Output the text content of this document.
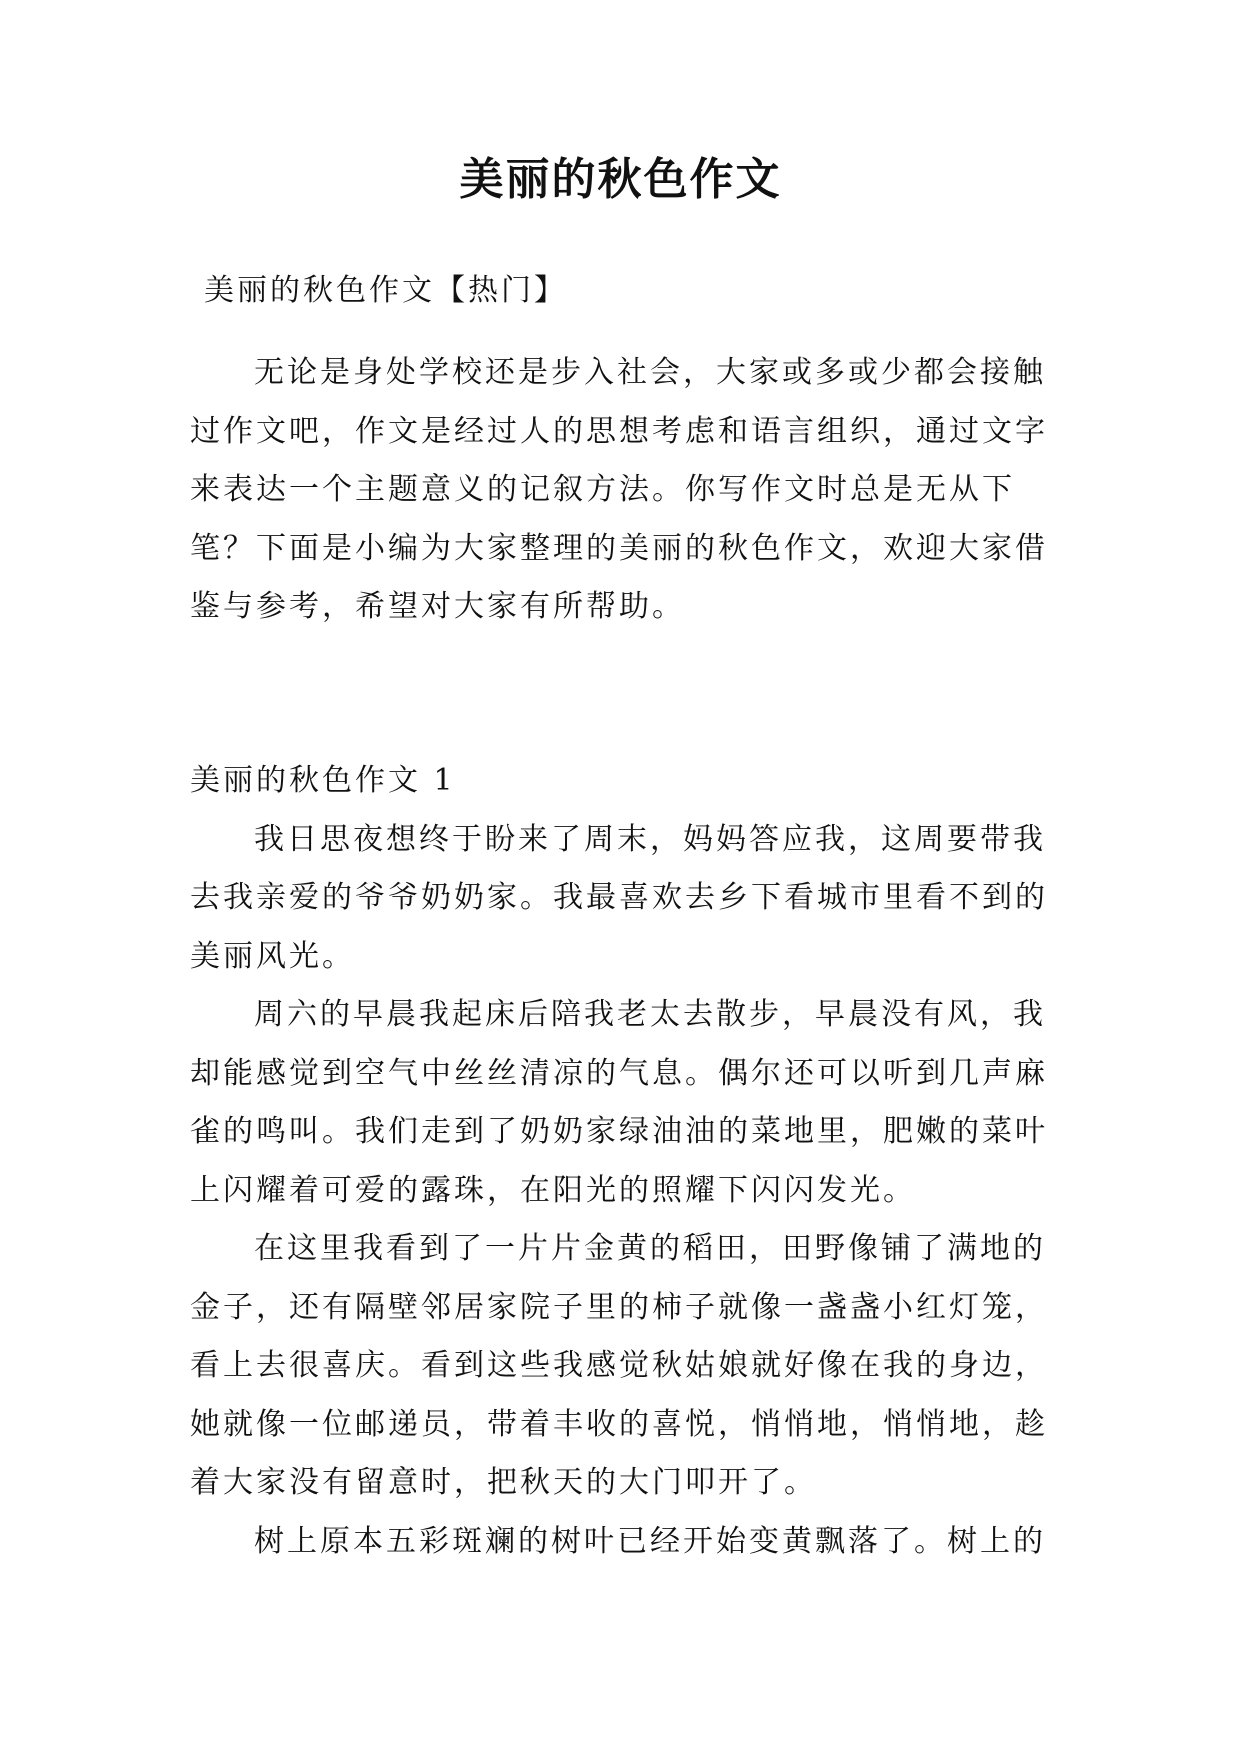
美丽的秋色作文

美丽的秋色作文【热门】

无论是身处学校还是步入社会，大家或多或少都会接触过作文吧，作文是经过人的思想考虑和语言组织，通过文字来表达一个主题意义的记叙方法。你写作文时总是无从下笔？下面是小编为大家整理的美丽的秋色作文，欢迎大家借鉴与参考，希望对大家有所帮助。

美丽的秋色作文 1

我日思夜想终于盼来了周末，妈妈答应我，这周要带我去我亲爱的爷爷奶奶家。我最喜欢去乡下看城市里看不到的美丽风光。

周六的早晨我起床后陪我老太去散步，早晨没有风，我却能感觉到空气中丝丝清凉的气息。偶尔还可以听到几声麻雀的鸣叫。我们走到了奶奶家绿油油的菜地里，肥嫩的菜叶上闪耀着可爱的露珠，在阳光的照耀下闪闪发光。

在这里我看到了一片片金黄的稻田，田野像铺了满地的金子，还有隔壁邻居家院子里的柿子就像一盏盏小红灯笼，看上去很喜庆。看到这些我感觉秋姑娘就好像在我的身边，她就像一位邮递员，带着丰收的喜悦，悄悄地，悄悄地，趁着大家没有留意时，把秋天的大门叩开了。

树上原本五彩斑斓的树叶已经开始变黄飘落了。树上的
